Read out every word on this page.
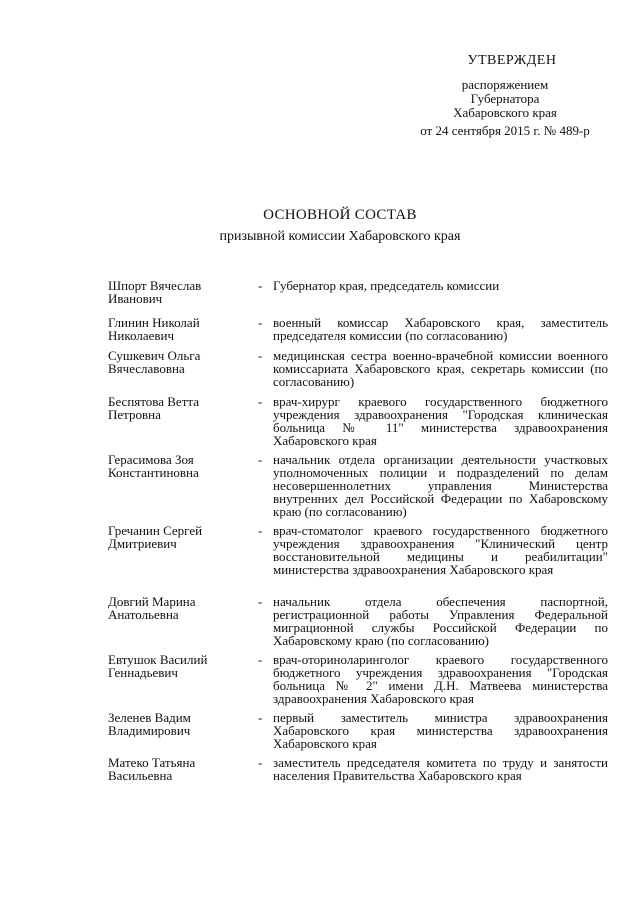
УТВЕРЖДЕН
распоряжением
Губернатора
Хабаровского края
от 24 сентября 2015 г. № 489-р
ОСНОВНОЙ СОСТАВ
призывной комиссии Хабаровского края
Шпорт Вячеслав Иванович
- Губернатор края, председатель комиссии
Глинин Николай Николаевич
- военный комиссар Хабаровского края, заместитель председателя комиссии (по согласованию)
Сушкевич Ольга Вячеславовна
- медицинская сестра военно-врачебной комиссии военного комиссариата Хабаровского края, секретарь комиссии (по согласованию)
Беспятова Ветта Петровна
- врач-хирург краевого государственного бюджетного учреждения здравоохранения "Городская клиническая больница № 11" министерства здравоохранения Хабаровского края
Герасимова Зоя Константиновна
- начальник отдела организации деятельности участковых уполномоченных полиции и подразделений по делам несовершеннолетних управления Министерства внутренних дел Российской Федерации по Хабаровскому краю (по согласованию)
Гречанин Сергей Дмитриевич
- врач-стоматолог краевого государственного бюджетного учреждения здравоохранения "Клинический центр восстановительной медицины и реабилитации" министерства здравоохранения Хабаровского края
Довгий Марина Анатольевна
- начальник отдела обеспечения паспортной, регистрационной работы Управления Федеральной миграционной службы Российской Федерации по Хабаровскому краю (по согласованию)
Евтушок Василий Геннадьевич
- врач-оториноларинголог краевого государственного бюджетного учреждения здравоохранения "Городская больница № 2" имени Д.Н. Матвеева министерства здравоохранения Хабаровского края
Зеленев Вадим Владимирович
- первый заместитель министра здравоохранения Хабаровского края министерства здравоохранения Хабаровского края
Матеко Татьяна Васильевна
- заместитель председателя комитета по труду и занятости населения Правительства Хабаровского края
